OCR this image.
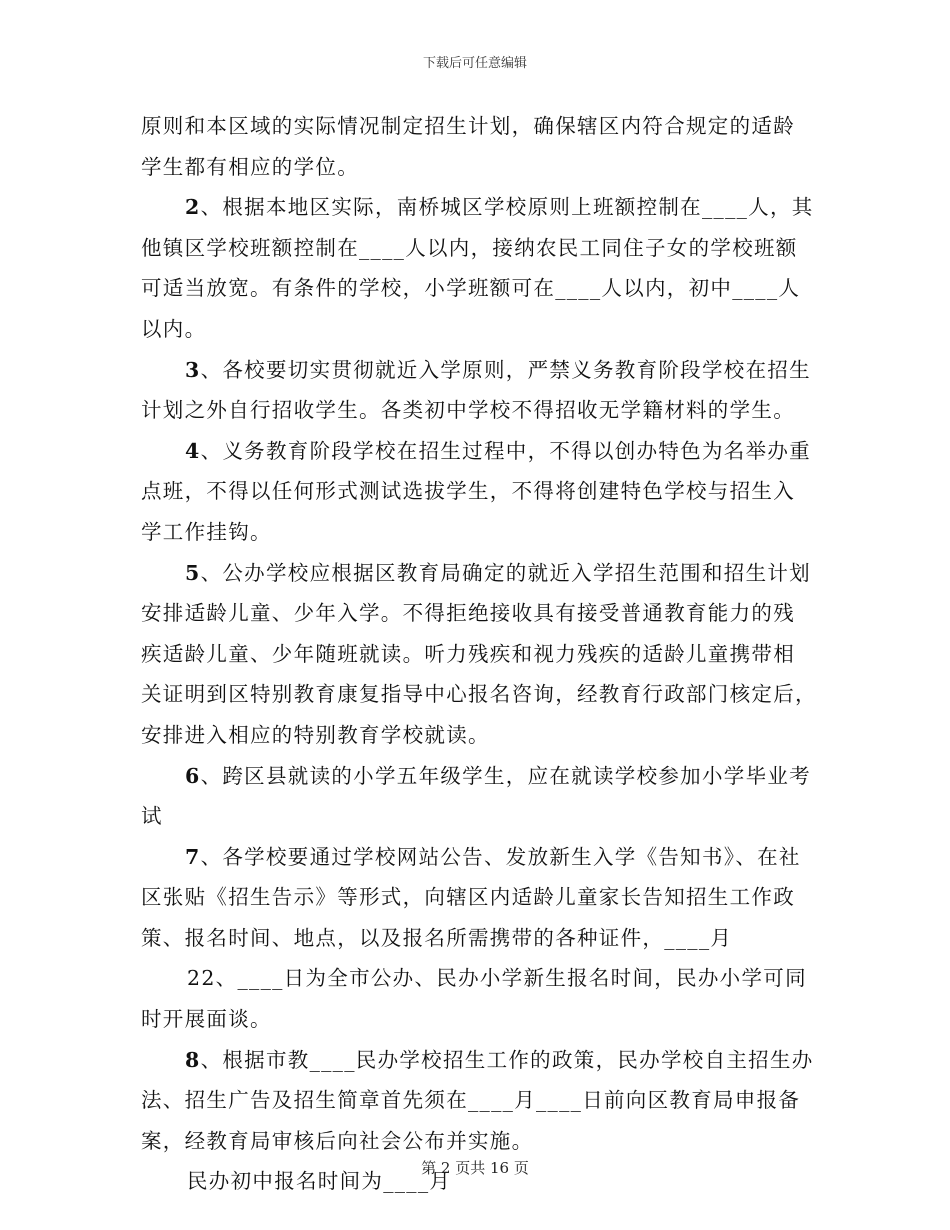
下载后可任意编辑
原则和本区域的实际情况制定招生计划，确保辖区内符合规定的适龄
学生都有相应的学位。
2、根据本地区实际，南桥城区学校原则上班额控制在____人，其
他镇区学校班额控制在____人以内，接纳农民工同住子女的学校班额
可适当放宽。有条件的学校，小学班额可在____人以内，初中____人
以内。
3、各校要切实贯彻就近入学原则，严禁义务教育阶段学校在招生
计划之外自行招收学生。各类初中学校不得招收无学籍材料的学生。
4、义务教育阶段学校在招生过程中，不得以创办特色为名举办重
点班，不得以任何形式测试选拔学生，不得将创建特色学校与招生入
学工作挂钩。
5、公办学校应根据区教育局确定的就近入学招生范围和招生计划
安排适龄儿童、少年入学。不得拒绝接收具有接受普通教育能力的残
疾适龄儿童、少年随班就读。听力残疾和视力残疾的适龄儿童携带相
关证明到区特别教育康复指导中心报名咨询，经教育行政部门核定后，
安排进入相应的特别教育学校就读。
6、跨区县就读的小学五年级学生，应在就读学校参加小学毕业考
试
7、各学校要通过学校网站公告、发放新生入学《告知书》、在社
区张贴《招生告示》等形式，向辖区内适龄儿童家长告知招生工作政
策、报名时间、地点，以及报名所需携带的各种证件，____月
22、____日为全市公办、民办小学新生报名时间，民办小学可同
时开展面谈。
8、根据市教____民办学校招生工作的政策，民办学校自主招生办
法、招生广告及招生简章首先须在____月____日前向区教育局申报备
案，经教育局审核后向社会公布并实施。
民办初中报名时间为____月
第 2 页共 16 页
